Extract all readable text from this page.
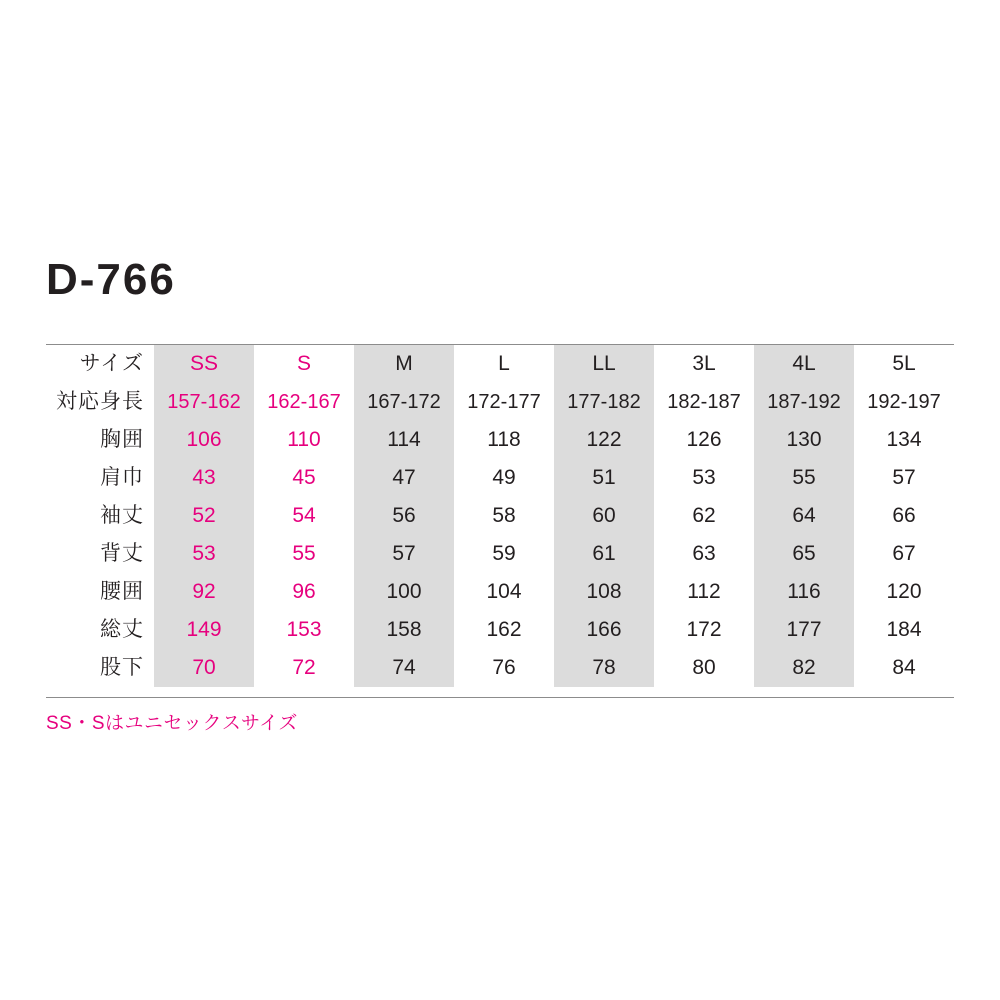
D-766
サイズ	SS	S	M	L	LL	3L	4L	5L
対応身長	157-162	162-167	167-172	172-177	177-182	182-187	187-192	192-197
胸囲	106	110	114	118	122	126	130	134
肩巾	43	45	47	49	51	53	55	57
袖丈	52	54	56	58	60	62	64	66
背丈	53	55	57	59	61	63	65	67
腰囲	92	96	100	104	108	112	116	120
総丈	149	153	158	162	166	172	177	184
股下	70	72	74	76	78	80	82	84
SS・Sはユニセックスサイズ
